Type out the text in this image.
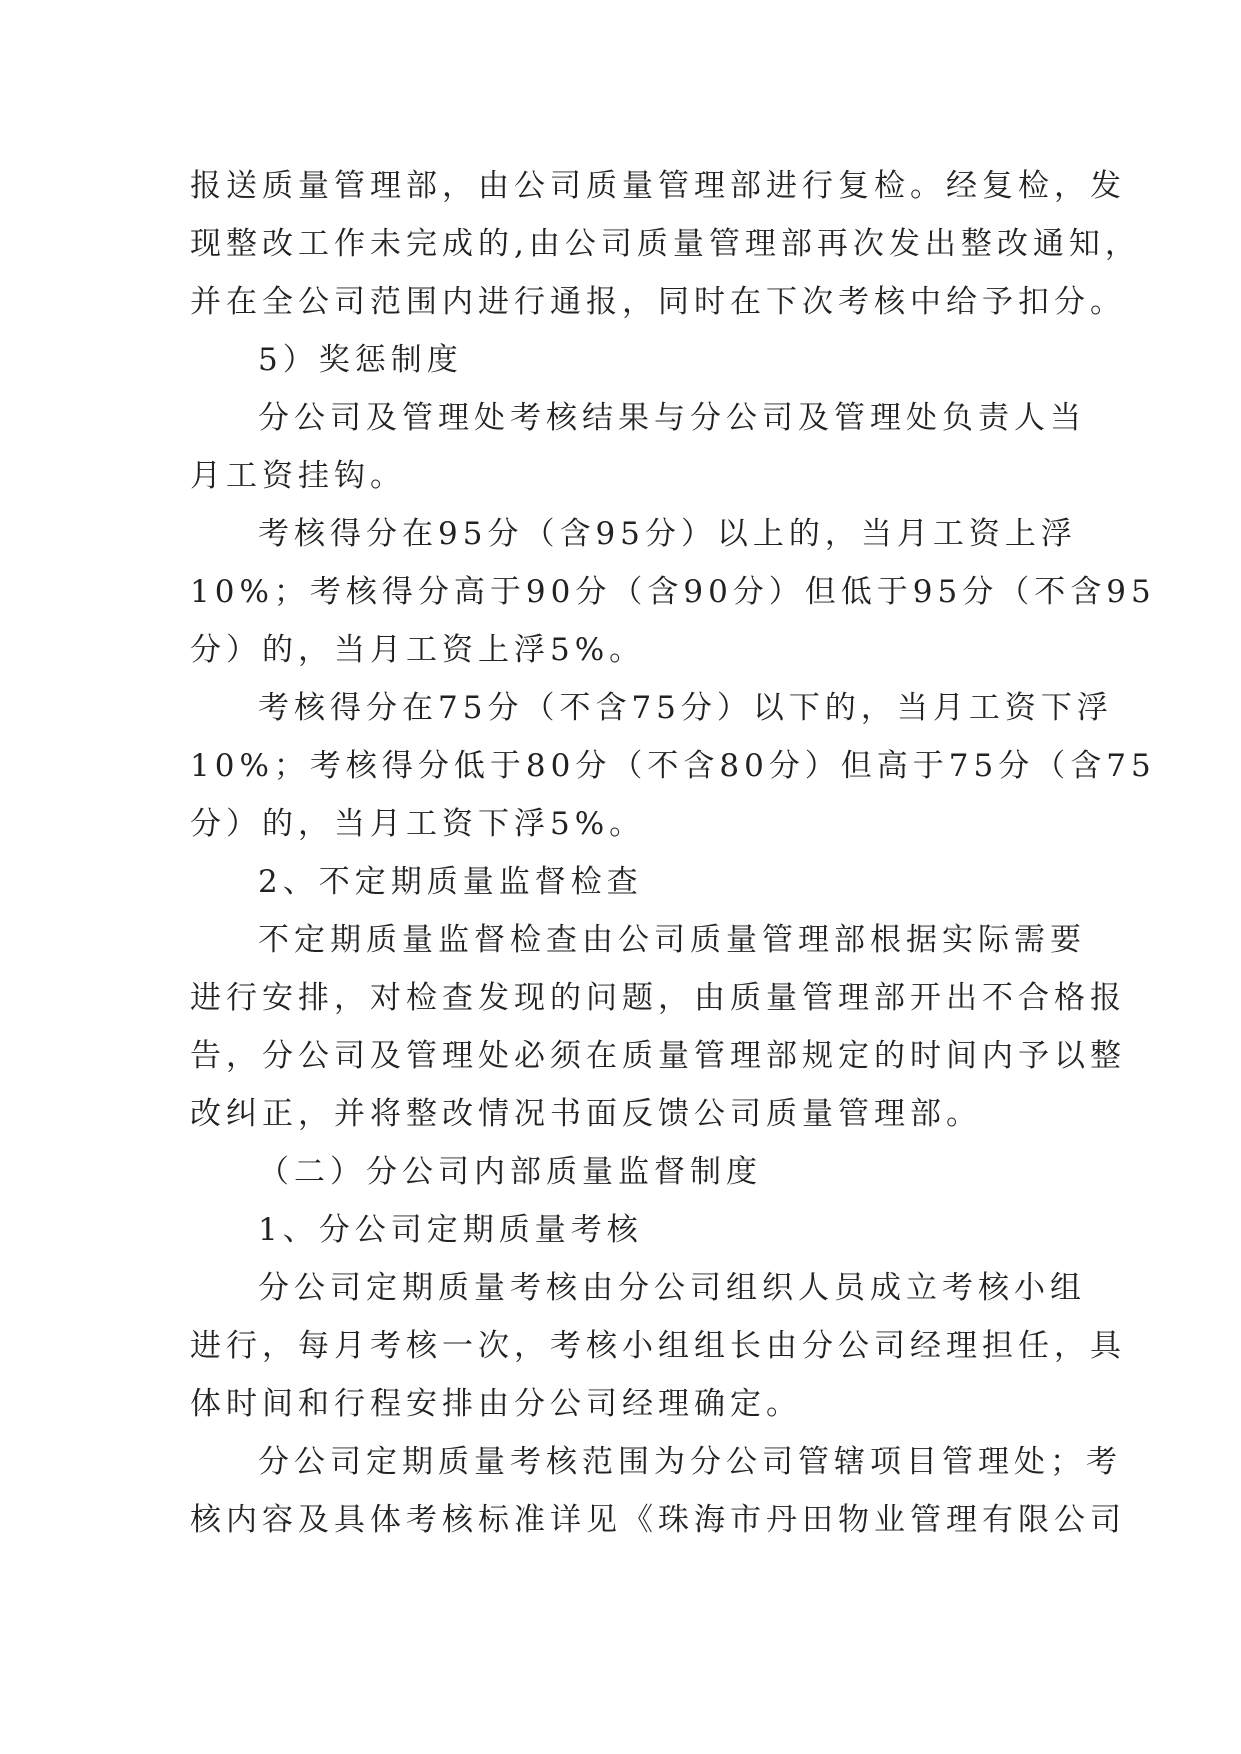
报送质量管理部，由公司质量管理部进行复检。经复检，发
现整改工作未完成的,由公司质量管理部再次发出整改通知，
并在全公司范围内进行通报，同时在下次考核中给予扣分。
5）奖惩制度
分公司及管理处考核结果与分公司及管理处负责人当
月工资挂钩。
考核得分在95分（含95分）以上的，当月工资上浮
10%；考核得分高于90分（含90分）但低于95分（不含95
分）的，当月工资上浮5%。
考核得分在75分（不含75分）以下的，当月工资下浮
10%；考核得分低于80分（不含80分）但高于75分（含75
分）的，当月工资下浮5%。
2、不定期质量监督检查
不定期质量监督检查由公司质量管理部根据实际需要
进行安排，对检查发现的问题，由质量管理部开出不合格报
告，分公司及管理处必须在质量管理部规定的时间内予以整
改纠正，并将整改情况书面反馈公司质量管理部。
（二）分公司内部质量监督制度
1、分公司定期质量考核
分公司定期质量考核由分公司组织人员成立考核小组
进行，每月考核一次，考核小组组长由分公司经理担任，具
体时间和行程安排由分公司经理确定。
分公司定期质量考核范围为分公司管辖项目管理处；考
核内容及具体考核标准详见《珠海市丹田物业管理有限公司
